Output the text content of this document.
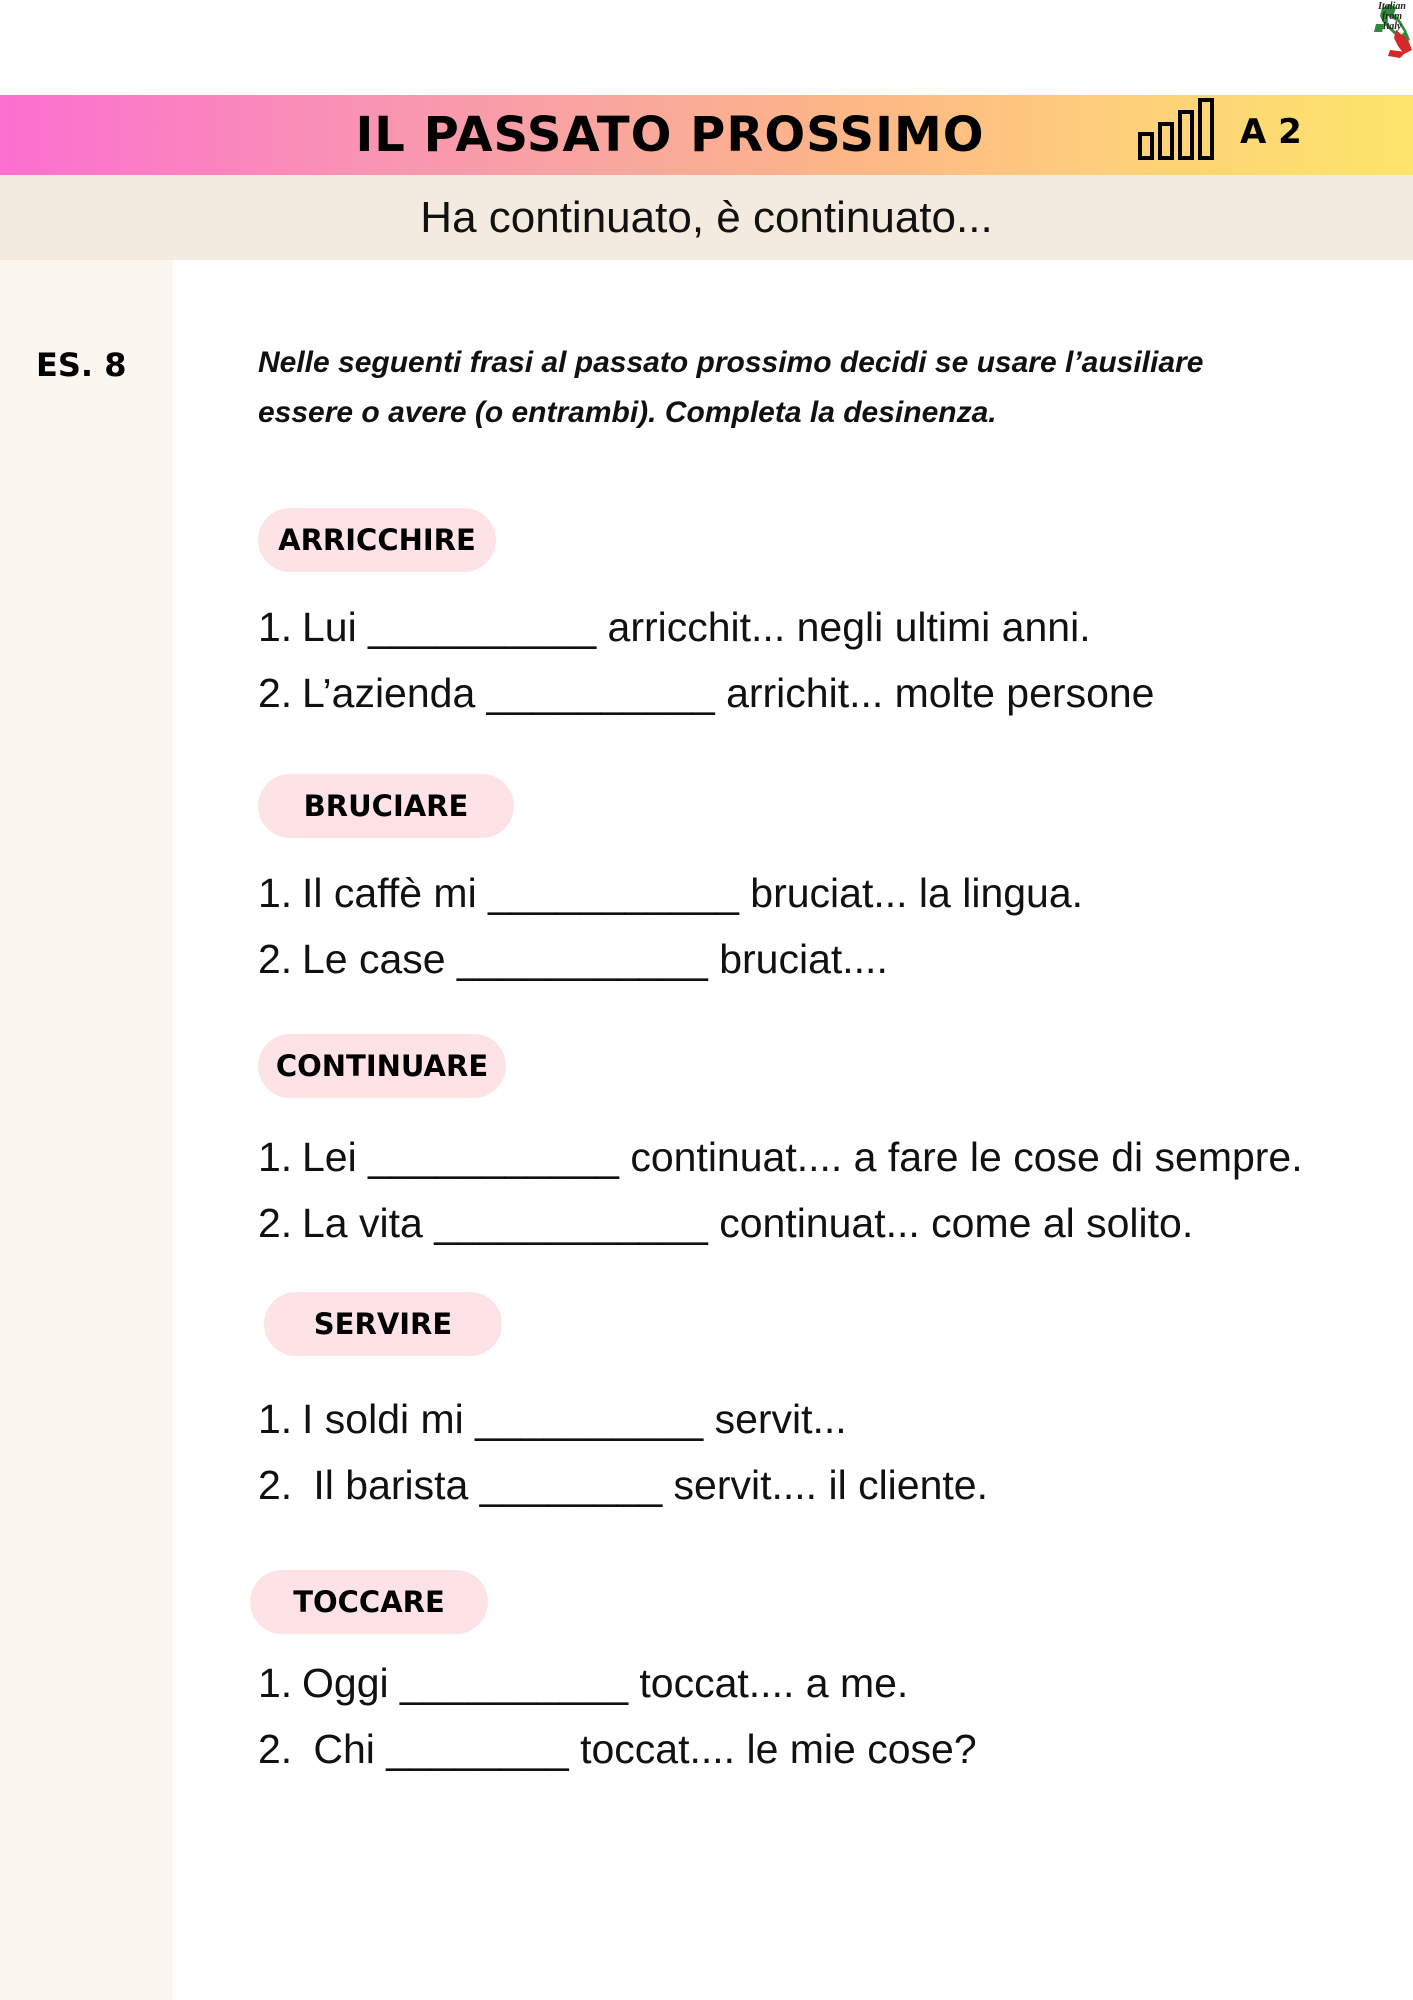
Italian from Italy
IL PASSATO PROSSIMO	A 2
Ha continuato, è continuato...
ES. 8	Nelle seguenti frasi al passato prossimo decidi se usare l’ausiliare
essere o avere (o entrambi). Completa la desinenza.
ARRICCHIRE
1. Lui __________ arricchit... negli ultimi anni.
2. L’azienda __________ arrichit... molte persone
BRUCIARE
1. Il caffè mi ___________ bruciat... la lingua.
2. Le case ___________ bruciat....
CONTINUARE
1. Lei ___________ continuat.... a fare le cose di sempre.
2. La vita ____________ continuat... come al solito.
SERVIRE
1. I soldi mi __________ servit...
2. Il barista ________ servit.... il cliente.
TOCCARE
1. Oggi __________ toccat.... a me.
2. Chi ________ toccat.... le mie cose?
